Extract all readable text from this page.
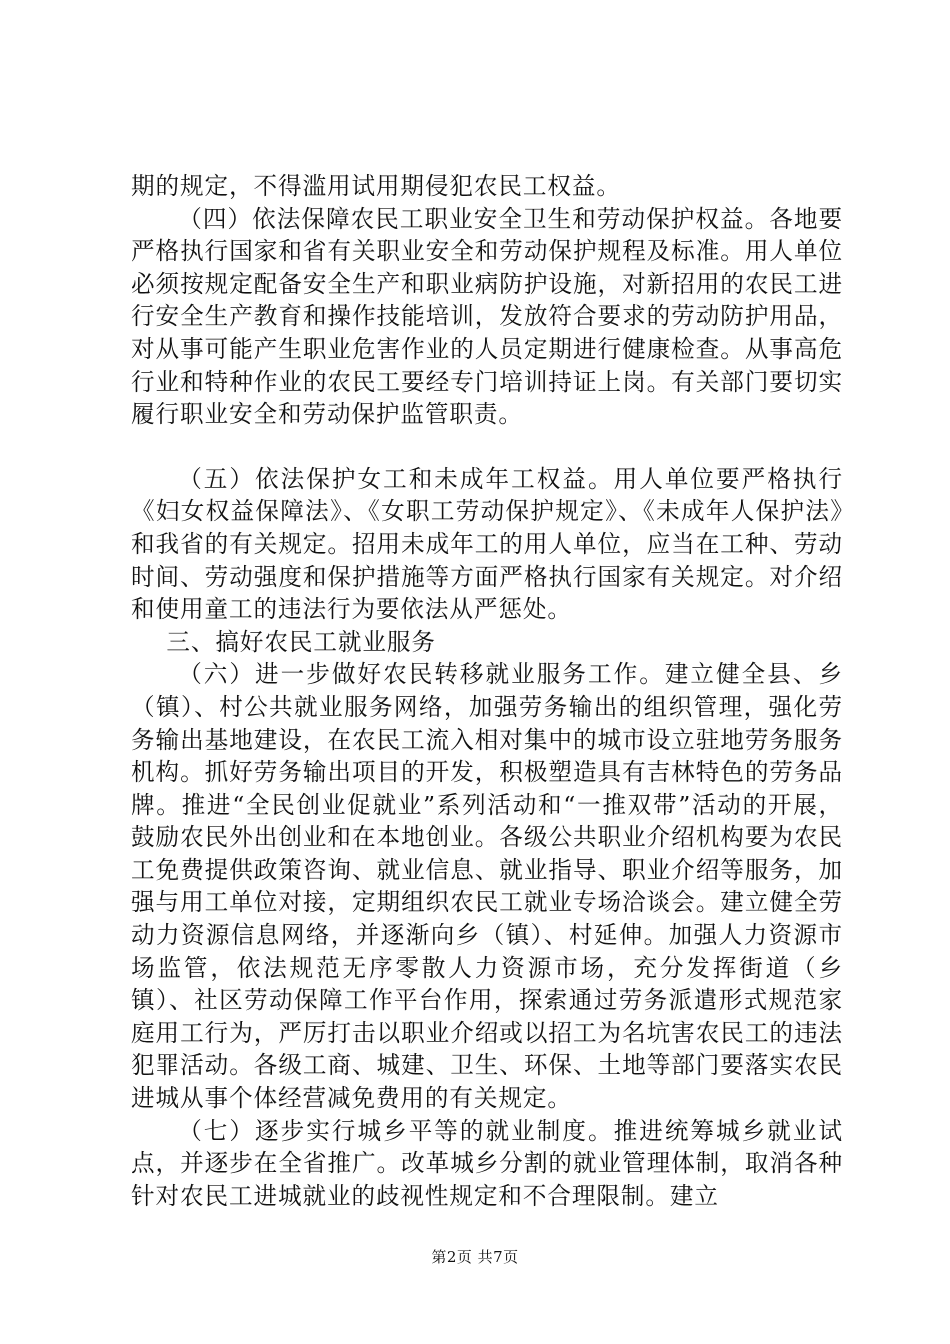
期的规定，不得滥用试用期侵犯农民工权益。

（四）依法保障农民工职业安全卫生和劳动保护权益。各地要严格执行国家和省有关职业安全和劳动保护规程及标准。用人单位必须按规定配备安全生产和职业病防护设施，对新招用的农民工进行安全生产教育和操作技能培训，发放符合要求的劳动防护用品，对从事可能产生职业危害作业的人员定期进行健康检查。从事高危行业和特种作业的农民工要经专门培训持证上岗。有关部门要切实履行职业安全和劳动保护监管职责。

（五）依法保护女工和未成年工权益。用人单位要严格执行《妇女权益保障法》、《女职工劳动保护规定》、《未成年人保护法》和我省的有关规定。招用未成年工的用人单位，应当在工种、劳动时间、劳动强度和保护措施等方面严格执行国家有关规定。对介绍和使用童工的违法行为要依法从严惩处。

三、搞好农民工就业服务

（六）进一步做好农民转移就业服务工作。建立健全县、乡（镇）、村公共就业服务网络，加强劳务输出的组织管理，强化劳务输出基地建设，在农民工流入相对集中的城市设立驻地劳务服务机构。抓好劳务输出项目的开发，积极塑造具有吉林特色的劳务品牌。推进“全民创业促就业”系列活动和“一推双带”活动的开展，鼓励农民外出创业和在本地创业。各级公共职业介绍机构要为农民工免费提供政策咨询、就业信息、就业指导、职业介绍等服务，加强与用工单位对接，定期组织农民工就业专场洽谈会。建立健全劳动力资源信息网络，并逐渐向乡（镇）、村延伸。加强人力资源市场监管，依法规范无序零散人力资源市场，充分发挥街道（乡镇）、社区劳动保障工作平台作用，探索通过劳务派遣形式规范家庭用工行为，严厉打击以职业介绍或以招工为名坑害农民工的违法犯罪活动。各级工商、城建、卫生、环保、土地等部门要落实农民进城从事个体经营减免费用的有关规定。

（七）逐步实行城乡平等的就业制度。推进统筹城乡就业试点，并逐步在全省推广。改革城乡分割的就业管理体制，取消各种针对农民工进城就业的歧视性规定和不合理限制。建立

第2页 共7页
